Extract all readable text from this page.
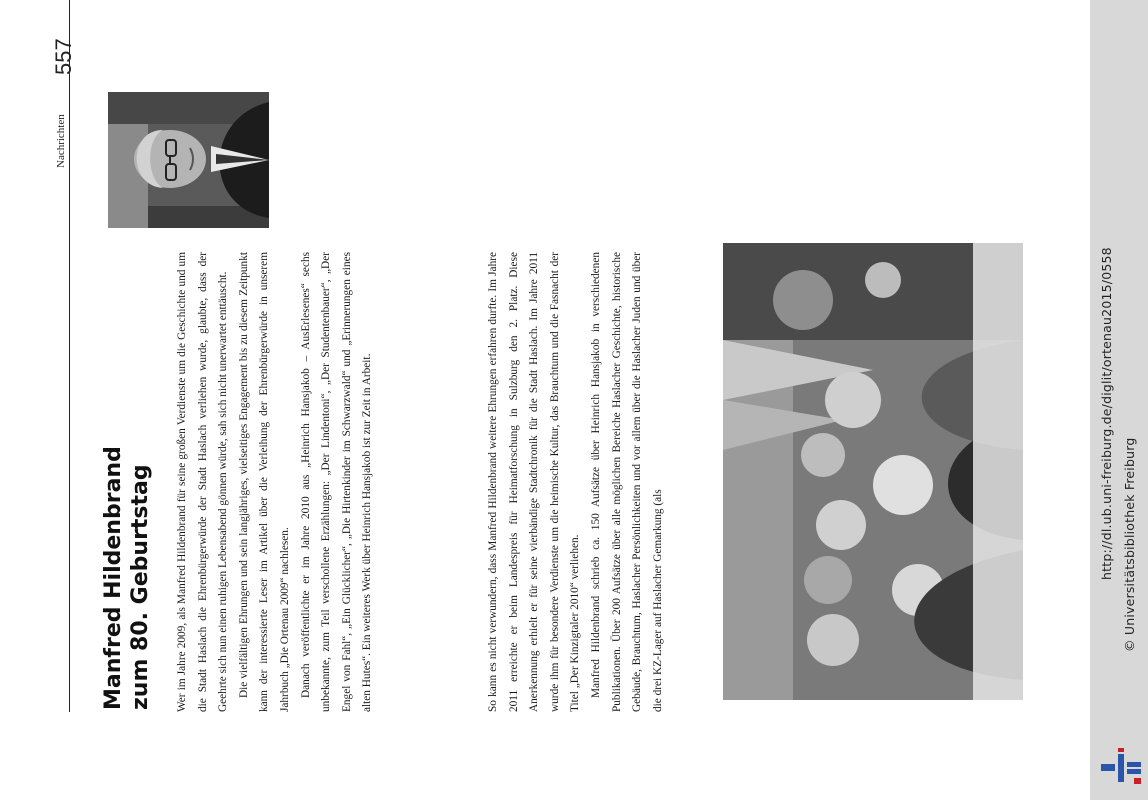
http://dl.ub.uni-freiburg.de/diglit/ortenau2015/0558 © Universitätsbibliothek Freiburg
557
Nachrichten
Manfred Hildenbrand zum 80. Geburtstag	Wer im Jahre 2009, als Manfred Hildenbrand für seine großen Verdienste um die Geschichte und um die Stadt Haslach die Ehrenbürgerwürde der Stadt Haslach verliehen wurde, glaubte, dass der Geehrte sich nun einen ruhigen Lebensabend gönnen würde, sah sich nicht unerwartet enttäuscht. Die vielfältigen Ehrungen und sein langjähriges, vielseitiges Engagement bis zu diesem Zeitpunkt kann der interessierte Leser im Artikel über die Verleihung der Ehrenbürgerwürde in unserem Jahrbuch „Die Ortenau 2009“ nachlesen. Danach veröffentlichte er im Jahre 2010 aus „Heinrich Hansjakob – AusErlesenes“ sechs unbekannte, zum Teil verschollene Erzählungen: „Der Lindentoni“, „Der Studentenbauer“, „Der Engel von Fahl“, „Ein Glücklicher“, „Die Hirtenkinder im Schwarzwald“ und „Erinnerungen eines alten Hutes“. Ein weiteres Werk über Heinrich Hansjakob ist zur Zeit in Arbeit.	So kann es nicht verwundern, dass Manfred Hildenbrand weitere Ehrungen erfahren durfte. Im Jahre 2011 erreichte er beim Landespreis für Heimatforschung in Sulzburg den 2. Platz. Diese Anerkennung erhielt er für seine vierbändige Stadtchronik für die Stadt Haslach. Im Jahre 2011 wurde ihm für besondere Verdienste um die heimische Kultur, das Brauchtum und die Fasnacht der Titel „Der Kinzigtaler 2010“ verliehen. Manfred Hildenbrand schrieb ca. 150 Aufsätze über Heinrich Hansjakob in verschiedenen Publikationen. Über 200 Aufsätze über alle möglichen Bereiche Haslacher Geschichte, historische Gebäude, Brauchtum, Haslacher Persönlichkeiten und vor allem über die Haslacher Juden und über die drei KZ-Lager auf Haslacher Gemarkung (als
